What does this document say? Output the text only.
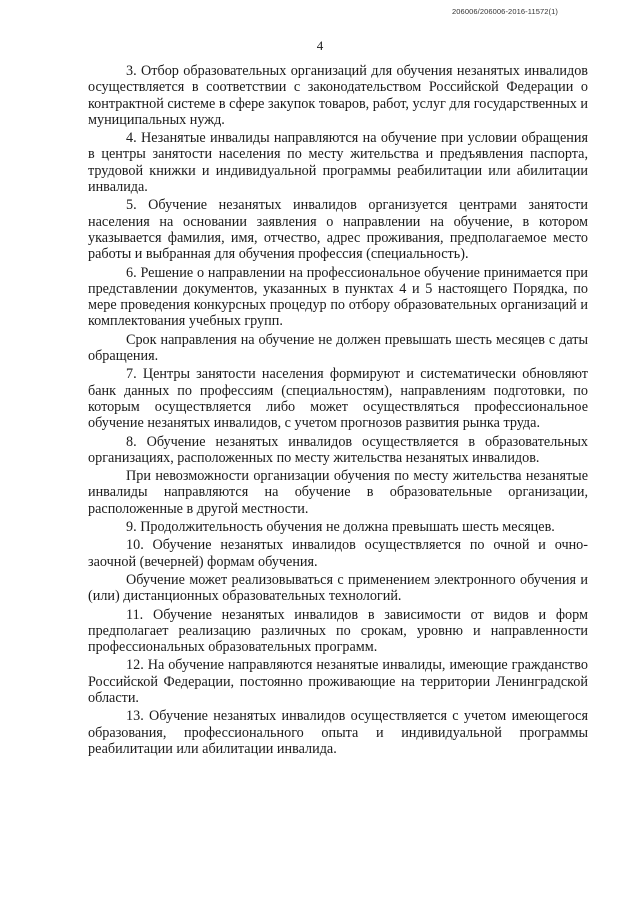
206006/206006-2016-11572(1)
4

3. Отбор образовательных организаций для обучения незанятых инвалидов осуществляется в соответствии с законодательством Российской Федерации о контрактной системе в сфере закупок товаров, работ, услуг для государственных и муниципальных нужд.

4. Незанятые инвалиды направляются на обучение при условии обращения в центры занятости населения по месту жительства и предъявления паспорта, трудовой книжки и индивидуальной программы реабилитации или абилитации инвалида.

5. Обучение незанятых инвалидов организуется центрами занятости населения на основании заявления о направлении на обучение, в котором указывается фамилия, имя, отчество, адрес проживания, предполагаемое место работы и выбранная для обучения профессия (специальность).

6. Решение о направлении на профессиональное обучение принимается при представлении документов, указанных в пунктах 4 и 5 настоящего Порядка, по мере проведения конкурсных процедур по отбору образовательных организаций и комплектования учебных групп.

Срок направления на обучение не должен превышать шесть месяцев с даты обращения.

7. Центры занятости населения формируют и систематически обновляют банк данных по профессиям (специальностям), направлениям подготовки, по которым осуществляется либо может осуществляться профессиональное обучение незанятых инвалидов, с учетом прогнозов развития рынка труда.

8. Обучение незанятых инвалидов осуществляется в образовательных организациях, расположенных по месту жительства незанятых инвалидов.

При невозможности организации обучения по месту жительства незанятые инвалиды направляются на обучение в образовательные организации, расположенные в другой местности.

9. Продолжительность обучения не должна превышать шесть месяцев.

10. Обучение незанятых инвалидов осуществляется по очной и очно-заочной (вечерней) формам обучения.

Обучение может реализовываться с применением электронного обучения и (или) дистанционных образовательных технологий.

11. Обучение незанятых инвалидов в зависимости от видов и форм предполагает реализацию различных по срокам, уровню и направленности профессиональных образовательных программ.

12. На обучение направляются незанятые инвалиды, имеющие гражданство Российской Федерации, постоянно проживающие на территории Ленинградской области.

13. Обучение незанятых инвалидов осуществляется с учетом имеющегося образования, профессионального опыта и индивидуальной программы реабилитации или абилитации инвалида.
